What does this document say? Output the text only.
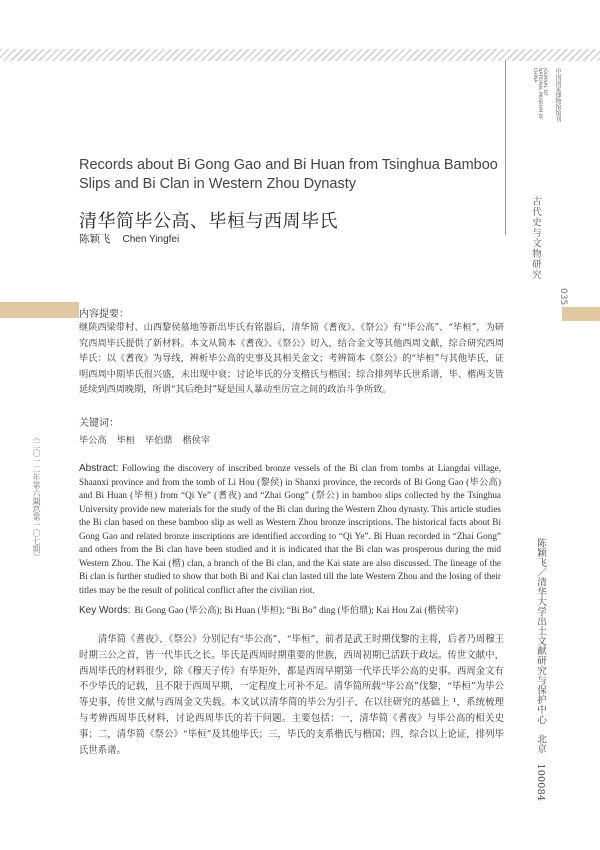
中国国家博物馆馆刊
JOURNAL OF
NATIONAL MUSEUM OF
CHINA
古代史与文物研究
035
（二〇一二年第六期）
（总第一〇七期）
陈颖飞／清华大学出土文献研究与保护中心　北京　100084
Records about Bi Gong Gao and Bi Huan from Tsinghua Bamboo Slips and Bi Clan in Western Zhou Dynasty
清华简毕公高、毕桓与西周毕氏
陈颖飞 Chen Yingfei
内容提要：
继陕西梁带村、山西黎侯墓地等新出毕氏有铭器后，清华简《耆夜》、《祭公》有“毕公高”、“毕桓”，为研究西周毕氏提供了新材料。本文从简本《耆夜》、《祭公》切入，结合金文等其他西周文献，综合研究西周毕氏：以《耆夜》为导线，辨析毕公高的史事及其相关金文；考辨简本《祭公》的“毕桓”与其他毕氏，证明西周中期毕氏很兴盛，未出现中衰；讨论毕氏的分支楷氏与楷国；综合排列毕氏世系谱，毕、楷两支皆延续到西周晚期，所谓“其后绝封”疑是国人暴动至厉宣之间的政治斗争所致。
关键词：
毕公高 毕桓 毕伯鼎 楷侯宰
Abstract: Following the discovery of inscribed bronze vessels of the Bi clan from tombs at Liangdai village, Shaanxi province and from the tomb of Li Hou (黎侯) in Shanxi province, the records of Bi Gong Gao (毕公高) and Bi Huan (毕桓) from “Qi Ye” (耆夜) and “Zhai Gong” (祭公) in bamboo slips collected by the Tsinghua University provide new materials for the study of the Bi clan during the Western Zhou dynasty. This article studies the Bi clan based on these bamboo slip as well as Western Zhou bronze inscriptions. The historical facts about Bi Gong Gao and related bronze inscriptions are identified according to “Qi Ye”. Bi Huan recorded in “Zhai Gong” and others from the Bi clan have been studied and it is indicated that the Bi clan was prosperous during the mid Western Zhou. The Kai (楷) clan, a branch of the Bi clan, and the Kai state are also discussed. The lineage of the Bi clan is further studied to show that both Bi and Kai clan lasted till the late Western Zhou and the losing of their titles may be the result of political conflict after the civilian riot.
Key Words: Bi Gong Gao (毕公高); Bi Huan (毕桓); “Bi Bo” ding (毕伯鼎); Kai Hou Zai (楷侯宰)

清华简《耆夜》、《祭公》分别记有“毕公高”、“毕桓”，前者是武王时期伐黎的主将，后者乃周穆王时期三公之首，皆一代毕氏之长。毕氏是西周时期重要的世族，西周初期已活跃于政坛。传世文献中，西周毕氏的材料很少，除《穆天子传》有毕矩外，都是西周早期第一代毕氏毕公高的史事。西周金文有不少毕氏的记载，且不限于西周早期，一定程度上可补不足。清华简所载“毕公高”伐黎，“毕桓”为毕公等史事，传世文献与西周金文失载。本文试以清华简的毕公为引子，在以往研究的基础上 ¹，系统梳理与考辨西周毕氏材料，讨论西周毕氏的若干问题。主要包括：一，清华简《耆夜》与毕公高的相关史事；二，清华简《祭公》“毕桓”及其他毕氏；三，毕氏的支系楷氏与楷国；四，综合以上论证，排列毕氏世系谱。
